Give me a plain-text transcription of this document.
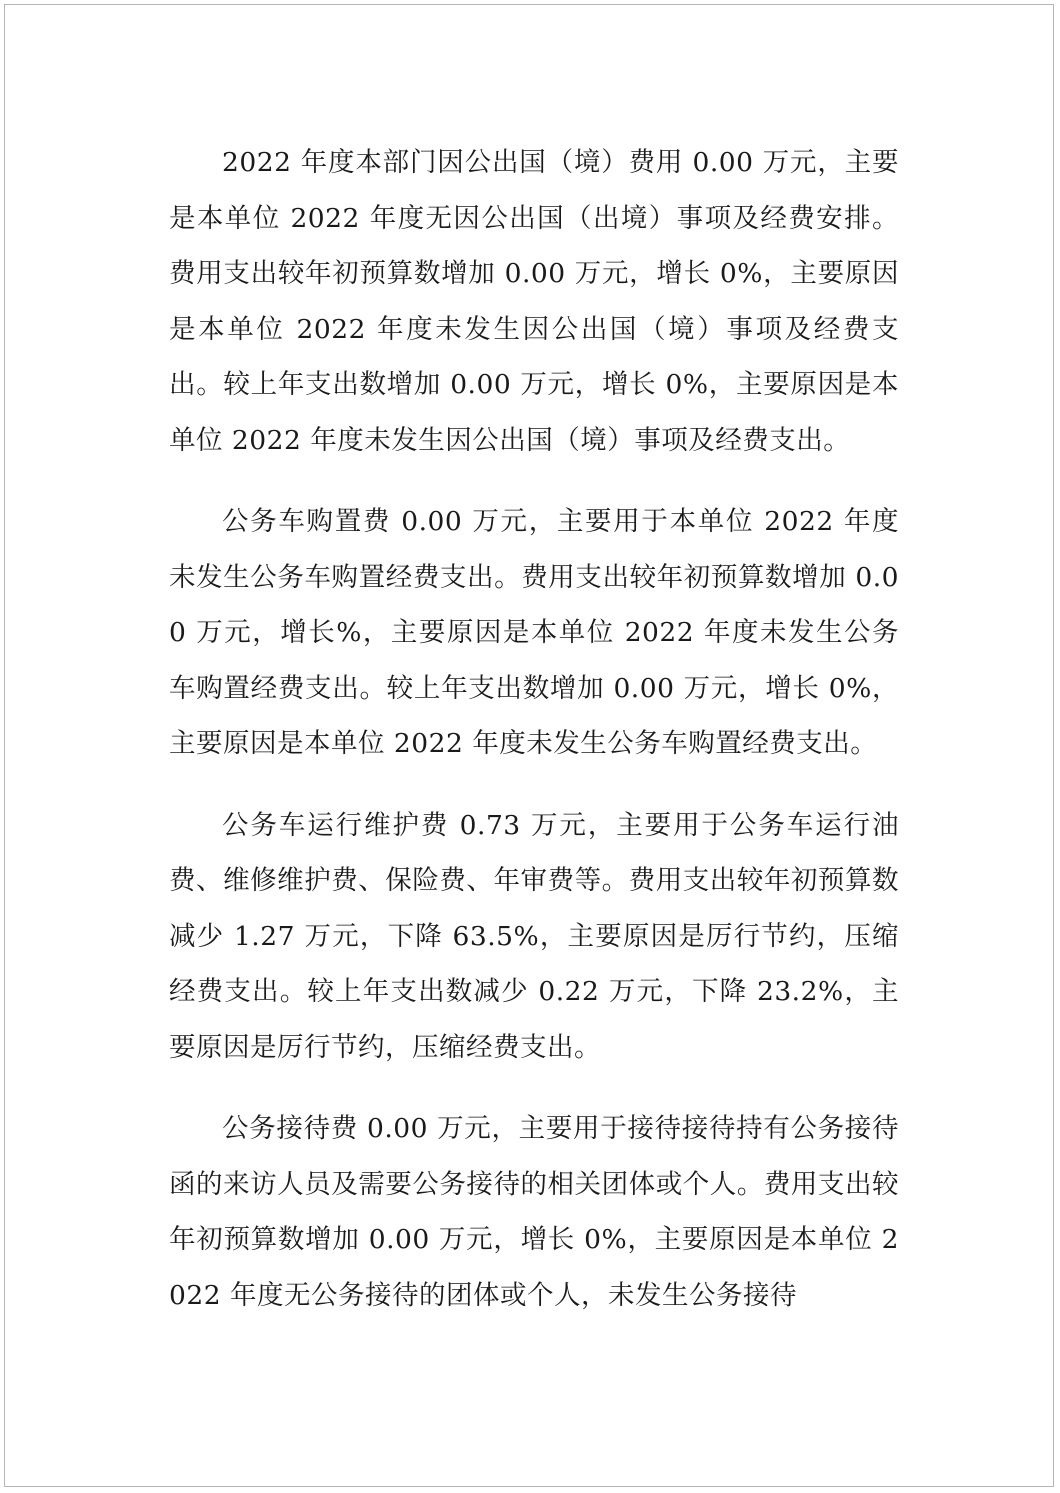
2022 年度本部门因公出国（境）费用 0.00 万元，主要是本单位 2022 年度无因公出国（出境）事项及经费安排。费用支出较年初预算数增加 0.00 万元，增长 0%，主要原因是本单位 2022 年度未发生因公出国（境）事项及经费支出。较上年支出数增加 0.00 万元，增长 0%，主要原因是本单位 2022 年度未发生因公出国（境）事项及经费支出。

公务车购置费 0.00 万元，主要用于本单位 2022 年度未发生公务车购置经费支出。费用支出较年初预算数增加 0.00 万元，增长%，主要原因是本单位 2022 年度未发生公务车购置经费支出。较上年支出数增加 0.00 万元，增长 0%，主要原因是本单位 2022 年度未发生公务车购置经费支出。

公务车运行维护费 0.73 万元，主要用于公务车运行油费、维修维护费、保险费、年审费等。费用支出较年初预算数减少 1.27 万元，下降 63.5%，主要原因是厉行节约，压缩经费支出。较上年支出数减少 0.22 万元，下降 23.2%，主要原因是厉行节约，压缩经费支出。

公务接待费 0.00 万元，主要用于接待接待持有公务接待函的来访人员及需要公务接待的相关团体或个人。费用支出较年初预算数增加 0.00 万元，增长 0%，主要原因是本单位 2022 年度无公务接待的团体或个人，未发生公务接待
